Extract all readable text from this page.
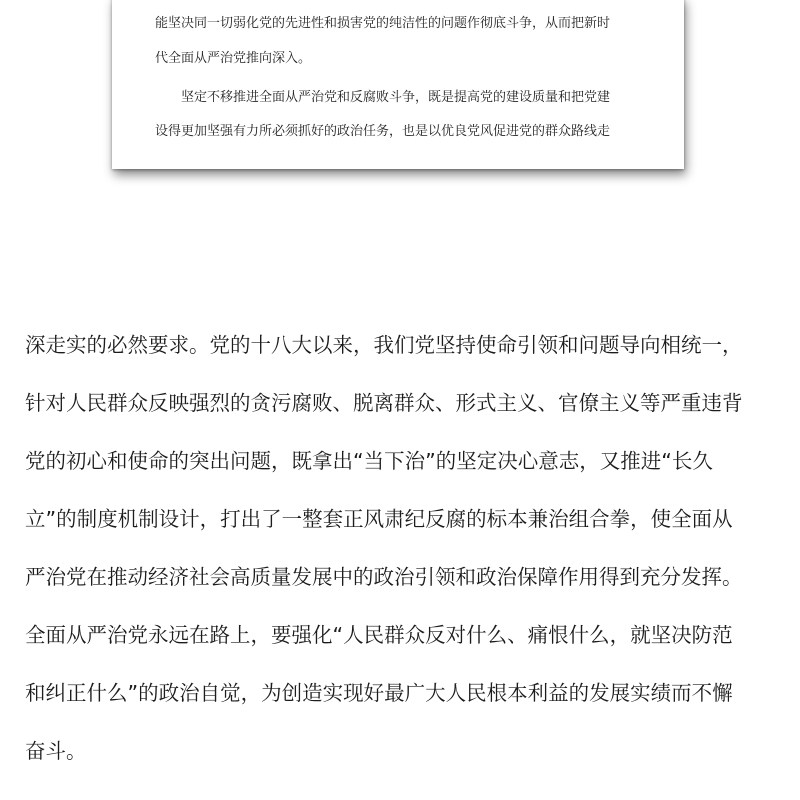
能坚决同一切弱化党的先进性和损害党的纯洁性的问题作彻底斗争，从而把新时
代全面从严治党推向深入。
坚定不移推进全面从严治党和反腐败斗争，既是提高党的建设质量和把党建
设得更加坚强有力所必须抓好的政治任务，也是以优良党风促进党的群众路线走
深走实的必然要求。党的十八大以来，我们党坚持使命引领和问题导向相统一，
针对人民群众反映强烈的贪污腐败、脱离群众、形式主义、官僚主义等严重违背
党的初心和使命的突出问题，既拿出“当下治”的坚定决心意志，又推进“长久
立”的制度机制设计，打出了一整套正风肃纪反腐的标本兼治组合拳，使全面从
严治党在推动经济社会高质量发展中的政治引领和政治保障作用得到充分发挥。
全面从严治党永远在路上，要强化“人民群众反对什么、痛恨什么，就坚决防范
和纠正什么”的政治自觉，为创造实现好最广大人民根本利益的发展实绩而不懈
奋斗。
